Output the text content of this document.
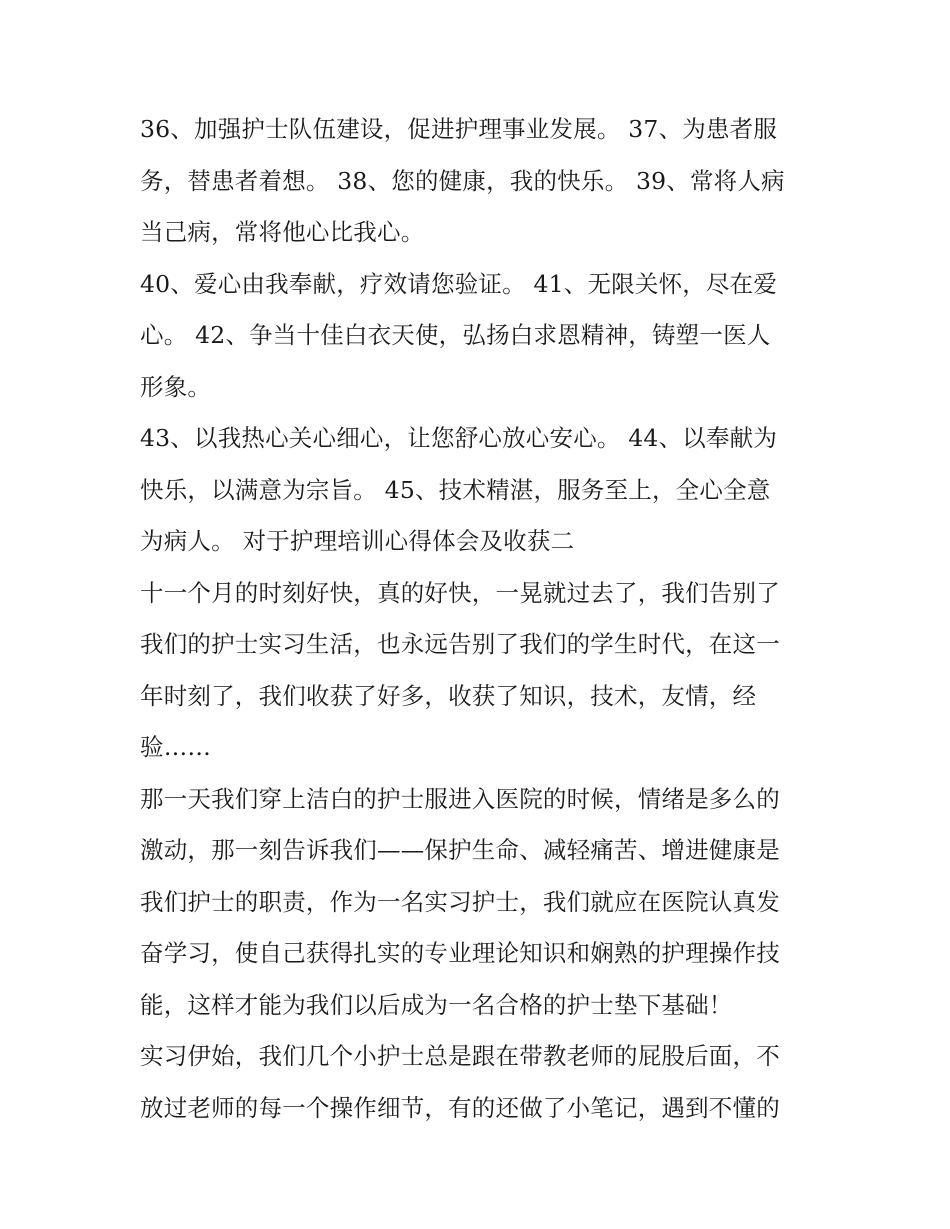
36、加强护士队伍建设，促进护理事业发展。 37、为患者服
务，替患者着想。 38、您的健康，我的快乐。 39、常将人病
当己病，常将他心比我心。
40、爱心由我奉献，疗效请您验证。 41、无限关怀，尽在爱
心。 42、争当十佳白衣天使，弘扬白求恩精神，铸塑一医人
形象。
43、以我热心关心细心，让您舒心放心安心。 44、以奉献为
快乐，以满意为宗旨。 45、技术精湛，服务至上，全心全意
为病人。 对于护理培训心得体会及收获二
十一个月的时刻好快，真的好快，一晃就过去了，我们告别了
我们的护士实习生活，也永远告别了我们的学生时代，在这一
年时刻了，我们收获了好多，收获了知识，技术，友情，经
验……
那一天我们穿上洁白的护士服进入医院的时候，情绪是多么的
激动，那一刻告诉我们——保护生命、减轻痛苦、增进健康是
我们护士的职责，作为一名实习护士，我们就应在医院认真发
奋学习，使自己获得扎实的专业理论知识和娴熟的护理操作技
能，这样才能为我们以后成为一名合格的护士垫下基础！
实习伊始，我们几个小护士总是跟在带教老师的屁股后面，不
放过老师的每一个操作细节，有的还做了小笔记，遇到不懂的
